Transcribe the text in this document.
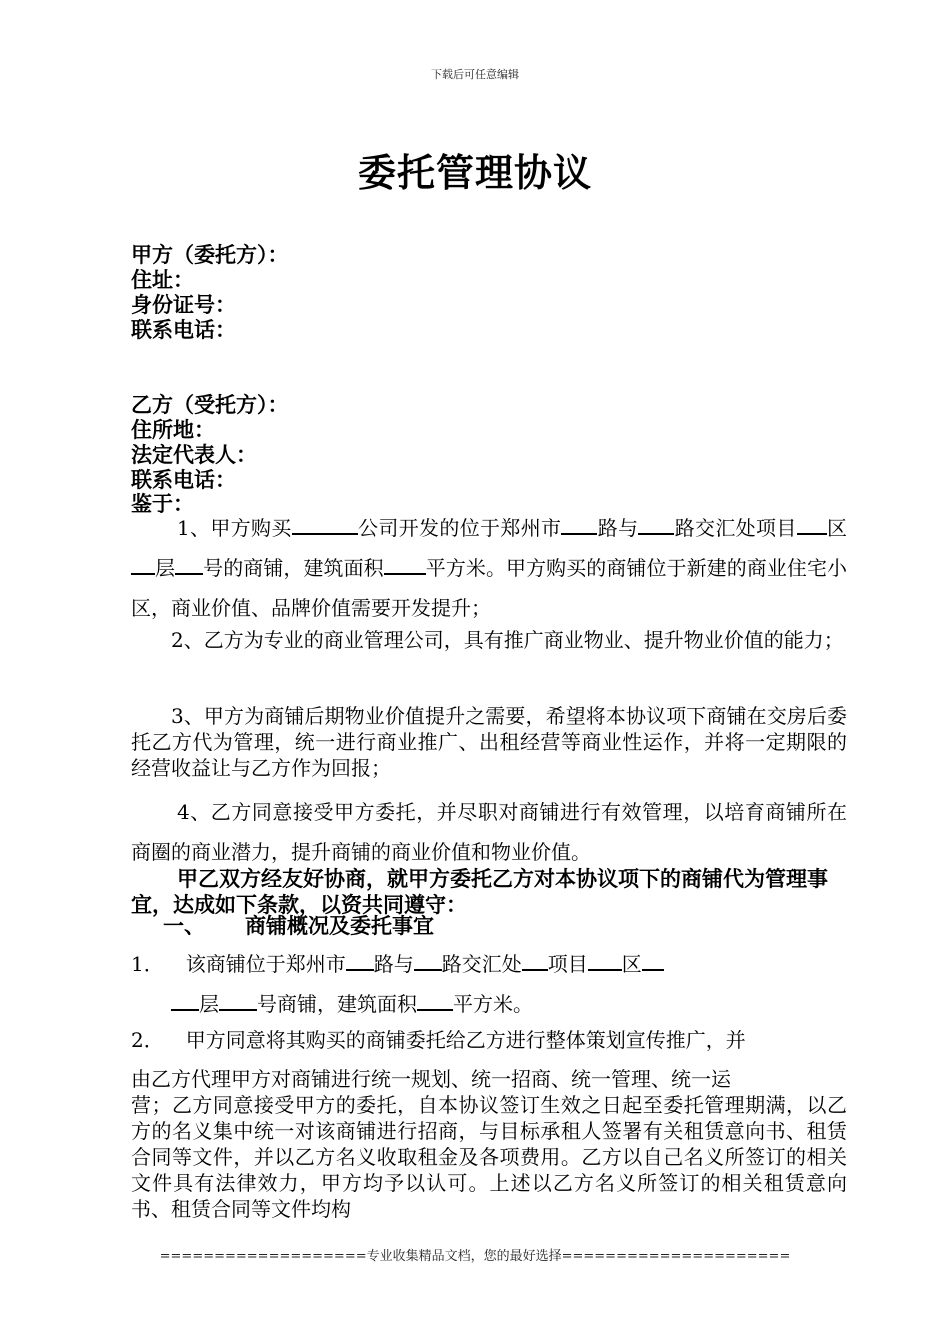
下载后可任意编辑
委托管理协议
甲方（委托方）：
住址：
身份证号：
联系电话：
乙方（受托方）：
住所地：
法定代表人：
联系电话：
鉴于：
1、甲方购买	公司开发的位于郑州市 路与 路交汇处项目 区层 号的商铺，建筑面积 平方米。甲方购买的商铺位于新建的商业住宅小区，商业价值、品牌价值需要开发提升；
2、乙方为专业的商业管理公司，具有推广商业物业、提升物业价值的能力；
3、甲方为商铺后期物业价值提升之需要，希望将本协议项下商铺在交房后委托乙方代为管理，统一进行商业推广、出租经营等商业性运作，并将一定期限的经营收益让与乙方作为回报；
4、乙方同意接受甲方委托，并尽职对商铺进行有效管理，以培育商铺所在商圈的商业潜力，提升商铺的商业价值和物业价值。
甲乙双方经友好协商，就甲方委托乙方对本协议项下的商铺代为管理事宜，达成如下条款，以资共同遵守：
一、 商铺概况及委托事宜
1． 该商铺位于郑州市 路与 路交汇处 项目 区
层 号商铺，建筑面积 平方米。
2． 甲方同意将其购买的商铺委托给乙方进行整体策划宣传推广，并
由乙方代理甲方对商铺进行统一规划、统一招商、统一管理、统一运
营；乙方同意接受甲方的委托，自本协议签订生效之日起至委托管理期满，以乙方的名义集中统一对该商铺进行招商，与目标承租人签署有关租赁意向书、租赁合同等文件，并以乙方名义收取租金及各项费用。乙方以自己名义所签订的相关文件具有法律效力，甲方均予以认可。上述以乙方名义所签订的相关租赁意向书、租赁合同等文件均构
===================专业收集精品文档，您的最好选择=====================
